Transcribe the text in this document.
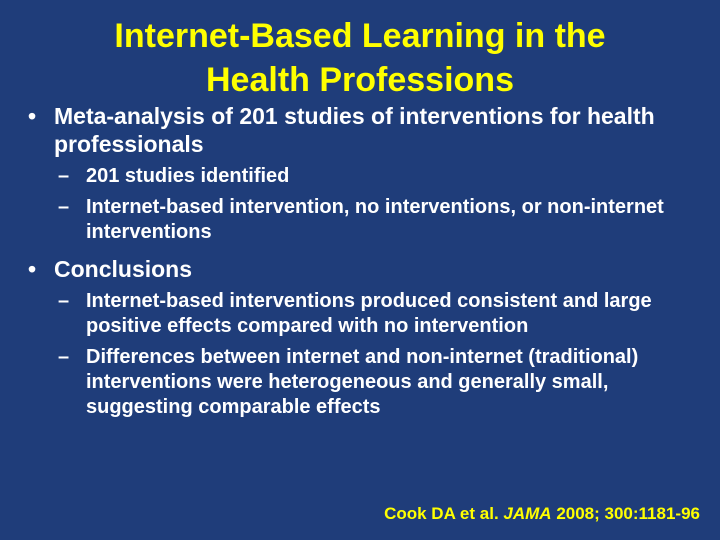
Internet-Based Learning in the
Health Professions
• Meta-analysis of 201 studies of interventions for health professionals
– 201 studies identified
– Internet-based intervention, no interventions, or non-internet interventions
• Conclusions
– Internet-based interventions produced consistent and large positive effects compared with no intervention
– Differences between internet and non-internet (traditional) interventions were heterogeneous and generally small, suggesting comparable effects
Cook DA et al. JAMA 2008; 300:1181-96
